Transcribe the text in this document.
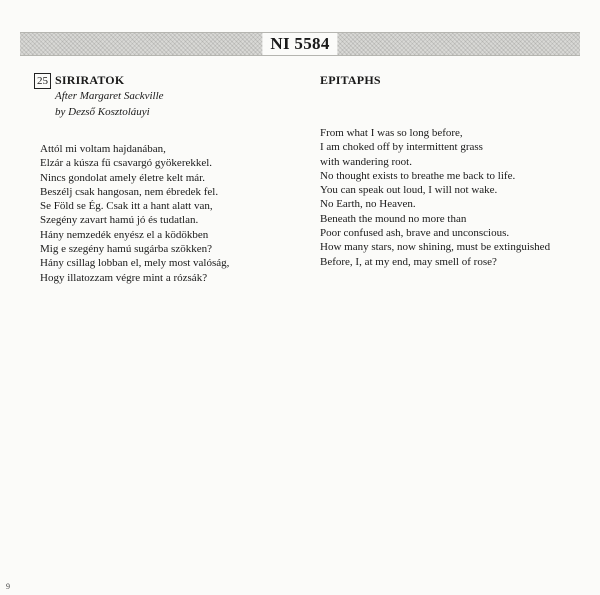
NI 5584
25 SIRIRATOK

After Margaret Sackville

by Dezső Kosztoláuyi

Attól mi voltam hajdanában,
Elzár a kúsza fű csavargó gyökerekkel.
Nincs gondolat amely életre kelt már.
Beszélj csak hangosan, nem ébredek fel.
Se Föld se Ég. Csak itt a hant alatt van,
Szegény zavart hamú jó és tudatlan.
Hány nemzedék enyész el a ködökben
Mig e szegény hamú sugárba szökken?
Hány csillag lobban el, mely most valóság,
Hogy illatozzam végre mint a rózsák?

EPITAPHS

From what I was so long before,
I am choked off by intermittent grass
with wandering root.
No thought exists to breathe me back to life.
You can speak out loud, I will not wake.
No Earth, no Heaven.
Beneath the mound no more than
Poor confused ash, brave and unconscious.
How many stars, now shining, must be extinguished
Before, I, at my end, may smell of rose?
9
